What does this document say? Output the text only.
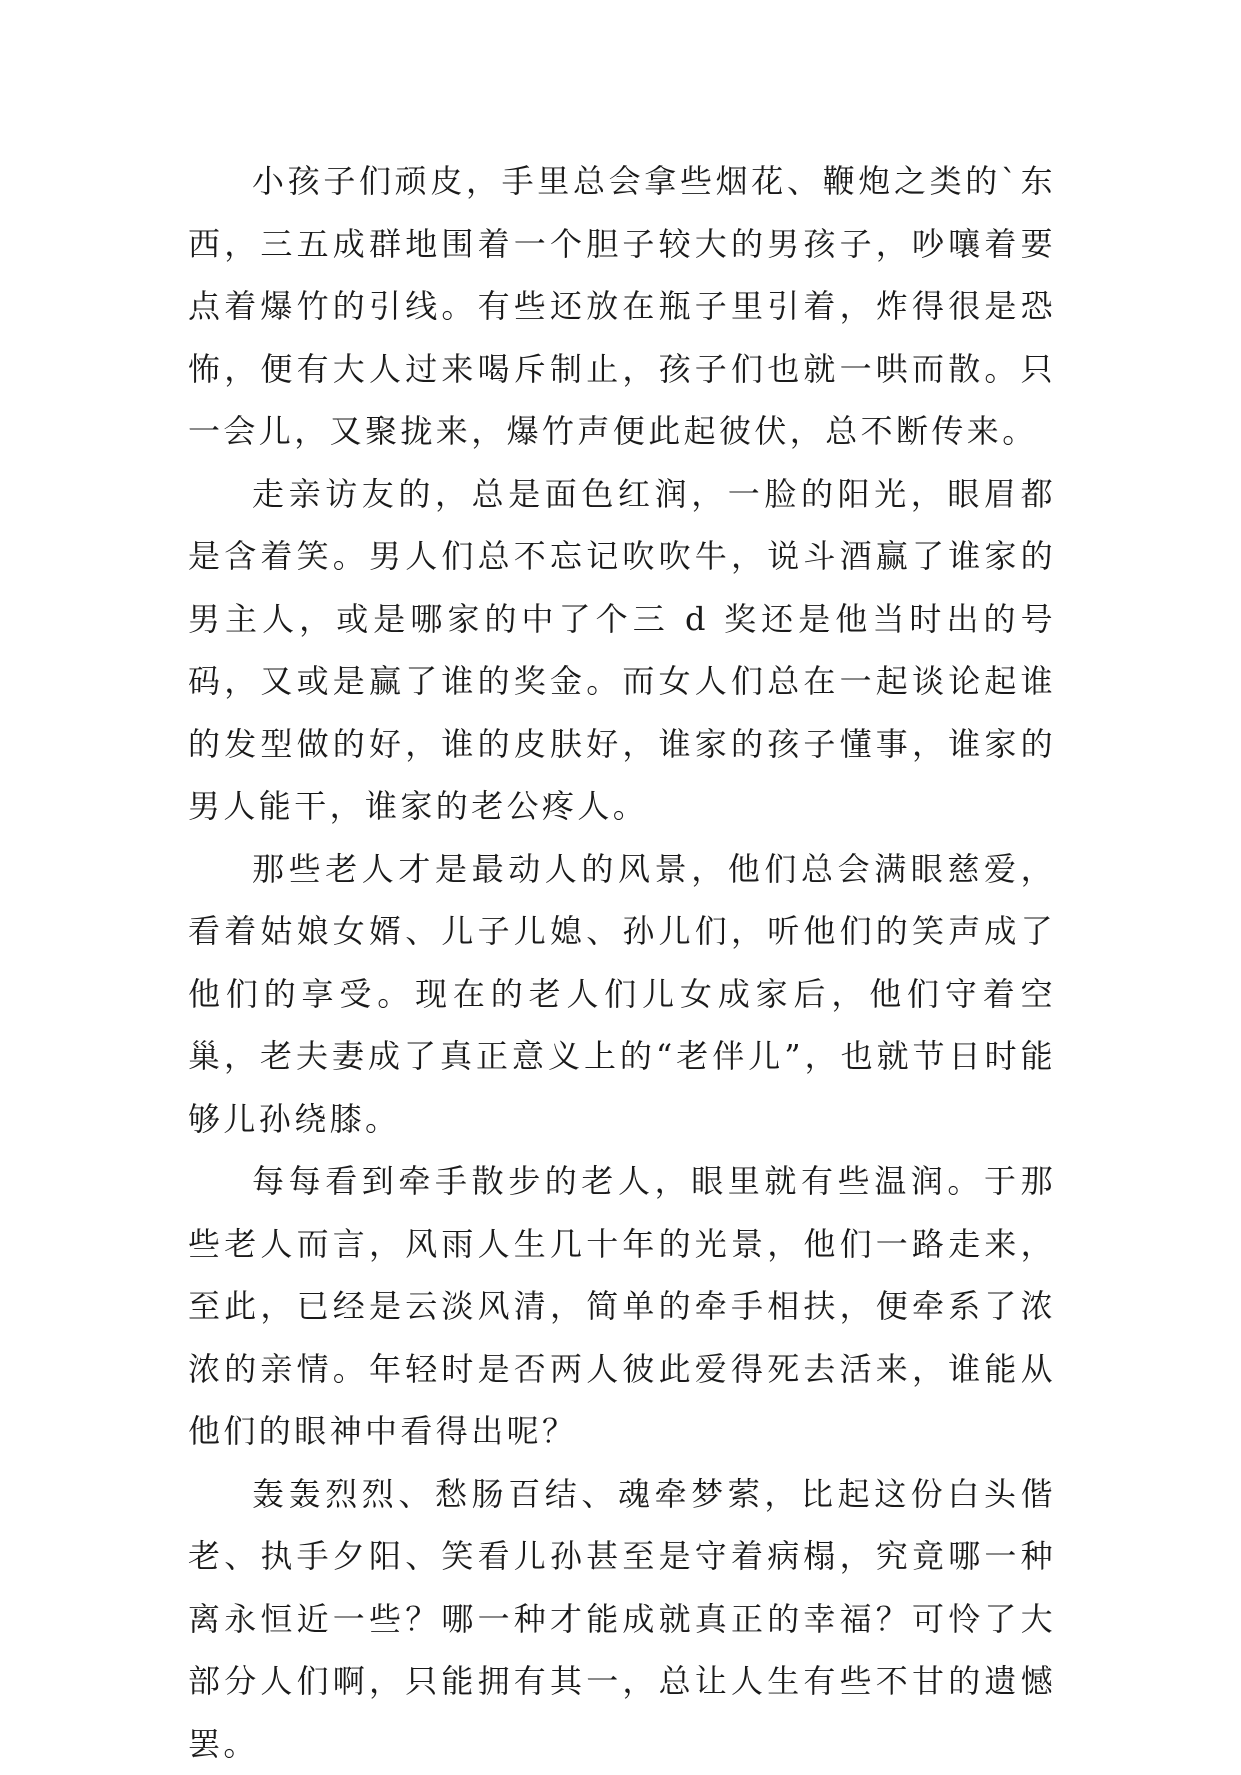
小孩子们顽皮，手里总会拿些烟花、鞭炮之类的`东西，三五成群地围着一个胆子较大的男孩子，吵嚷着要点着爆竹的引线。有些还放在瓶子里引着，炸得很是恐怖，便有大人过来喝斥制止，孩子们也就一哄而散。只一会儿，又聚拢来，爆竹声便此起彼伏，总不断传来。

走亲访友的，总是面色红润，一脸的阳光，眼眉都是含着笑。男人们总不忘记吹吹牛，说斗酒赢了谁家的男主人，或是哪家的中了个三 d 奖还是他当时出的号码，又或是赢了谁的奖金。而女人们总在一起谈论起谁的发型做的好，谁的皮肤好，谁家的孩子懂事，谁家的男人能干，谁家的老公疼人。

那些老人才是最动人的风景，他们总会满眼慈爱，看着姑娘女婿、儿子儿媳、孙儿们，听他们的笑声成了他们的享受。现在的老人们儿女成家后，他们守着空巢，老夫妻成了真正意义上的“老伴儿”，也就节日时能够儿孙绕膝。

每每看到牵手散步的老人，眼里就有些温润。于那些老人而言，风雨人生几十年的光景，他们一路走来，至此，已经是云淡风清，简单的牵手相扶，便牵系了浓浓的亲情。年轻时是否两人彼此爱得死去活来，谁能从他们的眼神中看得出呢？

轰轰烈烈、愁肠百结、魂牵梦萦，比起这份白头偕老、执手夕阳、笑看儿孙甚至是守着病榻，究竟哪一种离永恒近一些？哪一种才能成就真正的幸福？可怜了大部分人们啊，只能拥有其一，总让人生有些不甘的遗憾罢。
